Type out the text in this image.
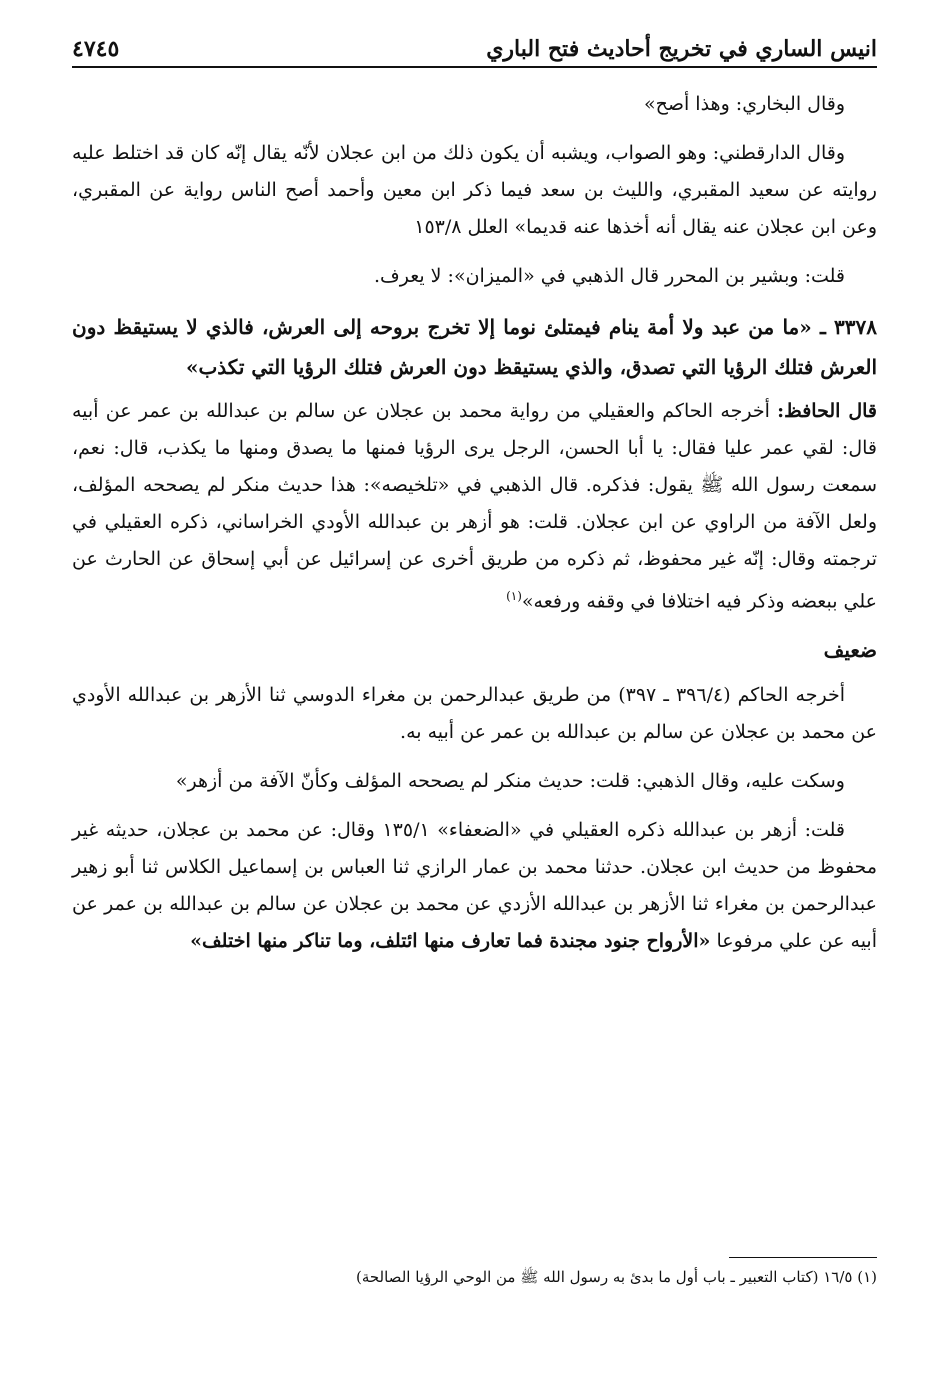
انيس الساري في تخريج أحاديث فتح الباري
٤٧٤٥

وقال البخاري: وهذا أصح»

وقال الدارقطني: وهو الصواب، ويشبه أن يكون ذلك من ابن عجلان لأنّه يقال إنّه كان قد اختلط عليه روايته عن سعيد المقبري، والليث بن سعد فيما ذكر ابن معين وأحمد أصح الناس رواية عن المقبري، وعن ابن عجلان عنه يقال أنه أخذها عنه قديما» العلل ١٥٣/٨

قلت: وبشير بن المحرر قال الذهبي في «الميزان»: لا يعرف.

٣٣٧٨ ـ «ما من عبد ولا أمة ينام فيمتلئ نوما إلا تخرج بروحه إلى العرش، فالذي لا يستيقظ دون العرش فتلك الرؤيا التي تصدق، والذي يستيقظ دون العرش فتلك الرؤيا التي تكذب»

قال الحافظ: أخرجه الحاكم والعقيلي من رواية محمد بن عجلان عن سالم بن عبدالله بن عمر عن أبيه قال: لقي عمر عليا فقال: يا أبا الحسن، الرجل يرى الرؤيا فمنها ما يصدق ومنها ما يكذب، قال: نعم، سمعت رسول الله ﷺ يقول: فذكره. قال الذهبي في «تلخيصه»: هذا حديث منكر لم يصححه المؤلف، ولعل الآفة من الراوي عن ابن عجلان. قلت: هو أزهر بن عبدالله الأودي الخراساني، ذكره العقيلي في ترجمته وقال: إنّه غير محفوظ، ثم ذكره من طريق أخرى عن إسرائيل عن أبي إسحاق عن الحارث عن علي ببعضه وذكر فيه اختلافا في وقفه ورفعه»$^{(١)}$

ضعيف

أخرجه الحاكم (٣٩٦/٤ ـ ٣٩٧) من طريق عبدالرحمن بن مغراء الدوسي ثنا الأزهر بن عبدالله الأودي عن محمد بن عجلان عن سالم بن عبدالله بن عمر عن أبيه به.

وسكت عليه، وقال الذهبي: قلت: حديث منكر لم يصححه المؤلف وكأنّ الآفة من أزهر»

قلت: أزهر بن عبدالله ذكره العقيلي في «الضعفاء» ١٣٥/١ وقال: عن محمد بن عجلان، حديثه غير محفوظ من حديث ابن عجلان. حدثنا محمد بن عمار الرازي ثنا العباس بن إسماعيل الكلاس ثنا أبو زهير عبدالرحمن بن مغراء ثنا الأزهر بن عبدالله الأزدي عن محمد بن عجلان عن سالم بن عبدالله بن عمر عن أبيه عن علي مرفوعا «الأرواح جنود مجندة فما تعارف منها ائتلف، وما تناكر منها اختلف»

(١) ١٦/٥ (كتاب التعبير ـ باب أول ما بدئ به رسول الله ﷺ من الوحي الرؤيا الصالحة)
